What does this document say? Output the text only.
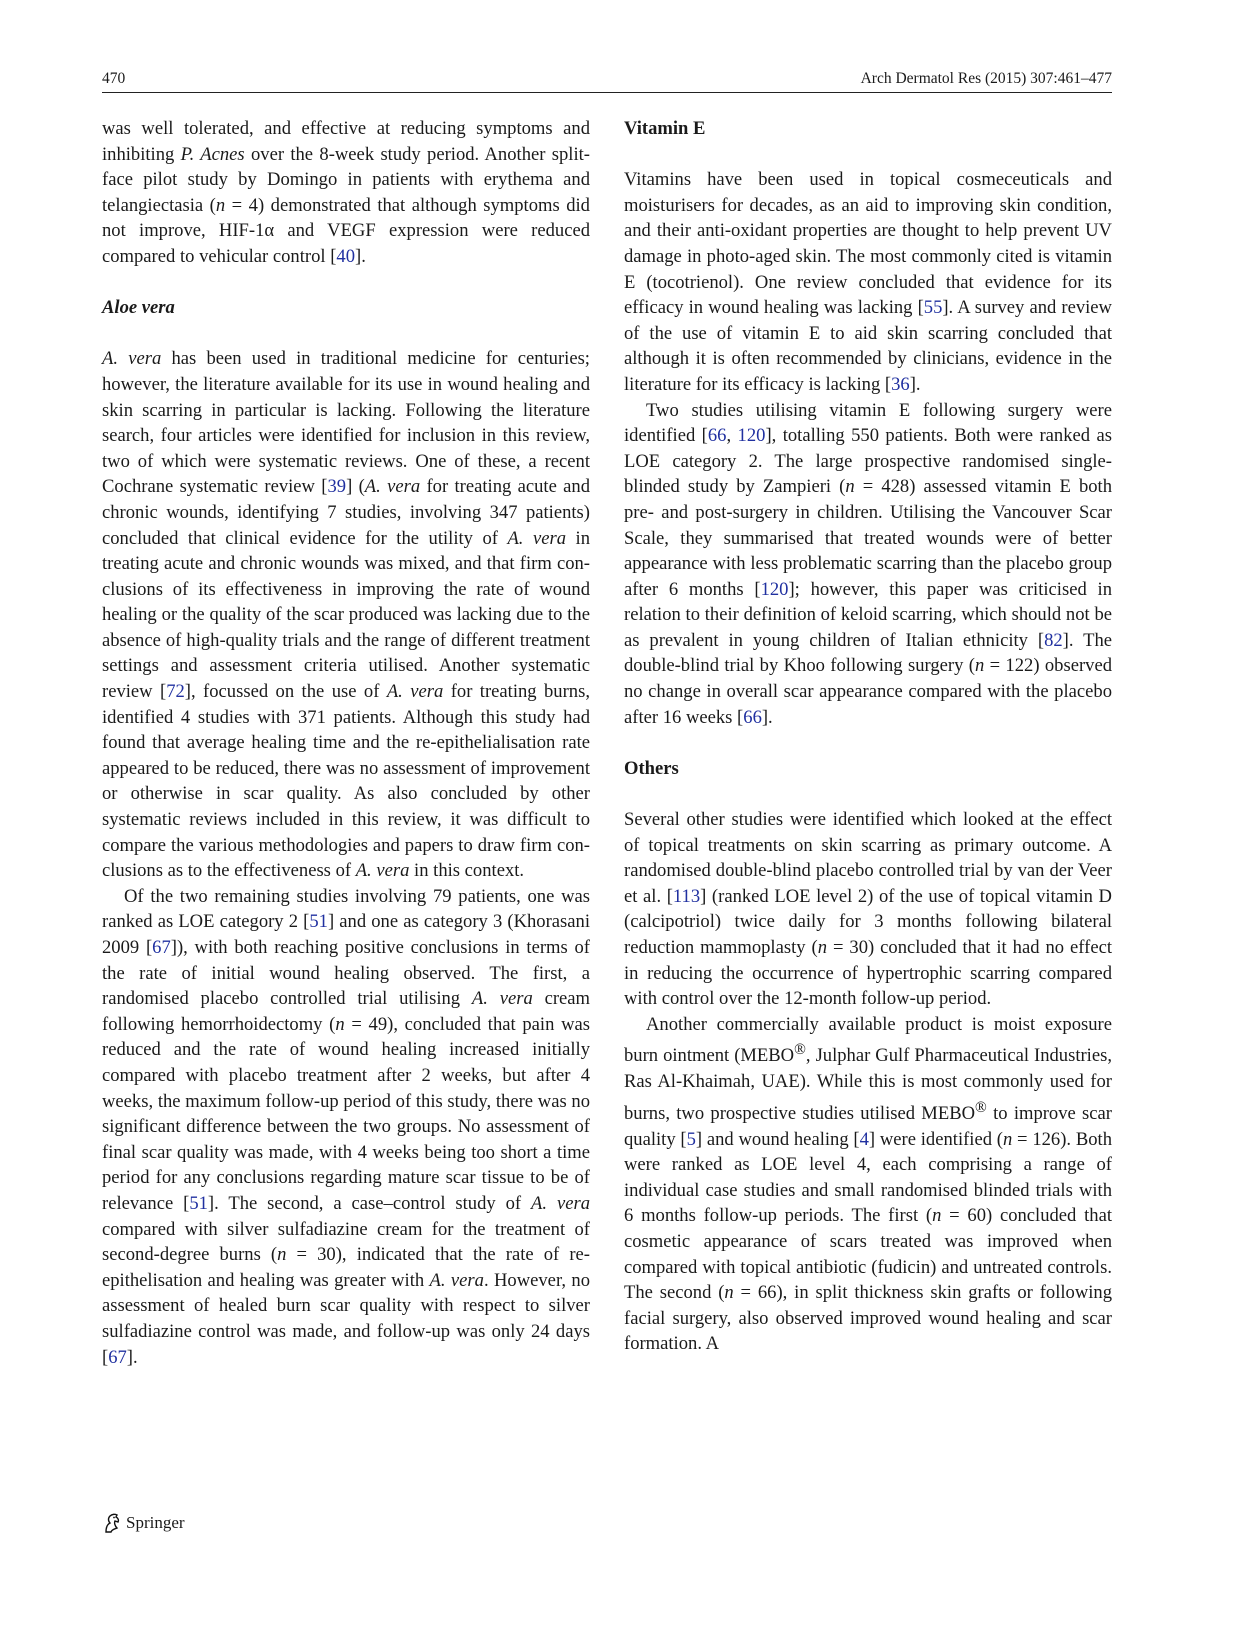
470	Arch Dermatol Res (2015) 307:461–477

was well tolerated, and effective at reducing symptoms and inhibiting P. Acnes over the 8-week study period. Another split-face pilot study by Domingo in patients with erythema and telangiectasia (n = 4) demonstrated that although symptoms did not improve, HIF-1α and VEGF expression were reduced compared to vehicular control [40].

Aloe vera

A. vera has been used in traditional medicine for centuries; however, the literature available for its use in wound healing and skin scarring in particular is lacking. Following the literature search, four articles were identified for inclusion in this review, two of which were systematic reviews. One of these, a recent Cochrane systematic review [39] (A. vera for treating acute and chronic wounds, identifying 7 studies, involving 347 patients) concluded that clinical evidence for the utility of A. vera in treating acute and chronic wounds was mixed, and that firm conclusions of its effectiveness in improving the rate of wound healing or the quality of the scar produced was lacking due to the absence of high-quality trials and the range of different treatment settings and assessment criteria utilised. Another systematic review [72], focussed on the use of A. vera for treating burns, identified 4 studies with 371 patients. Although this study had found that average healing time and the re-epithelialisation rate appeared to be reduced, there was no assessment of improvement or otherwise in scar quality. As also concluded by other systematic reviews included in this review, it was difficult to compare the various methodologies and papers to draw firm conclusions as to the effectiveness of A. vera in this context.

Of the two remaining studies involving 79 patients, one was ranked as LOE category 2 [51] and one as category 3 (Khorasani 2009 [67]), with both reaching positive conclusions in terms of the rate of initial wound healing observed. The first, a randomised placebo controlled trial utilising A. vera cream following hemorrhoidectomy (n = 49), concluded that pain was reduced and the rate of wound healing increased initially compared with placebo treatment after 2 weeks, but after 4 weeks, the maximum follow-up period of this study, there was no significant difference between the two groups. No assessment of final scar quality was made, with 4 weeks being too short a time period for any conclusions regarding mature scar tissue to be of relevance [51]. The second, a case–control study of A. vera compared with silver sulfadiazine cream for the treatment of second-degree burns (n = 30), indicated that the rate of re-epithelisation and healing was greater with A. vera. However, no assessment of healed burn scar quality with respect to silver sulfadiazine control was made, and follow-up was only 24 days [67].

Vitamin E

Vitamins have been used in topical cosmeceuticals and moisturisers for decades, as an aid to improving skin condition, and their anti-oxidant properties are thought to help prevent UV damage in photo-aged skin. The most commonly cited is vitamin E (tocotrienol). One review concluded that evidence for its efficacy in wound healing was lacking [55]. A survey and review of the use of vitamin E to aid skin scarring concluded that although it is often recommended by clinicians, evidence in the literature for its efficacy is lacking [36].

Two studies utilising vitamin E following surgery were identified [66, 120], totalling 550 patients. Both were ranked as LOE category 2. The large prospective randomised single-blinded study by Zampieri (n = 428) assessed vitamin E both pre- and post-surgery in children. Utilising the Vancouver Scar Scale, they summarised that treated wounds were of better appearance with less problematic scarring than the placebo group after 6 months [120]; however, this paper was criticised in relation to their definition of keloid scarring, which should not be as prevalent in young children of Italian ethnicity [82]. The double-blind trial by Khoo following surgery (n = 122) observed no change in overall scar appearance compared with the placebo after 16 weeks [66].

Others

Several other studies were identified which looked at the effect of topical treatments on skin scarring as primary outcome. A randomised double-blind placebo controlled trial by van der Veer et al. [113] (ranked LOE level 2) of the use of topical vitamin D (calcipotriol) twice daily for 3 months following bilateral reduction mammoplasty (n = 30) concluded that it had no effect in reducing the occurrence of hypertrophic scarring compared with control over the 12-month follow-up period.

Another commercially available product is moist exposure burn ointment (MEBO®, Julphar Gulf Pharmaceutical Industries, Ras Al-Khaimah, UAE). While this is most commonly used for burns, two prospective studies utilised MEBO® to improve scar quality [5] and wound healing [4] were identified (n = 126). Both were ranked as LOE level 4, each comprising a range of individual case studies and small randomised blinded trials with 6 months follow-up periods. The first (n = 60) concluded that cosmetic appearance of scars treated was improved when compared with topical antibiotic (fudicin) and untreated controls. The second (n = 66), in split thickness skin grafts or following facial surgery, also observed improved wound healing and scar formation. A

Springer
